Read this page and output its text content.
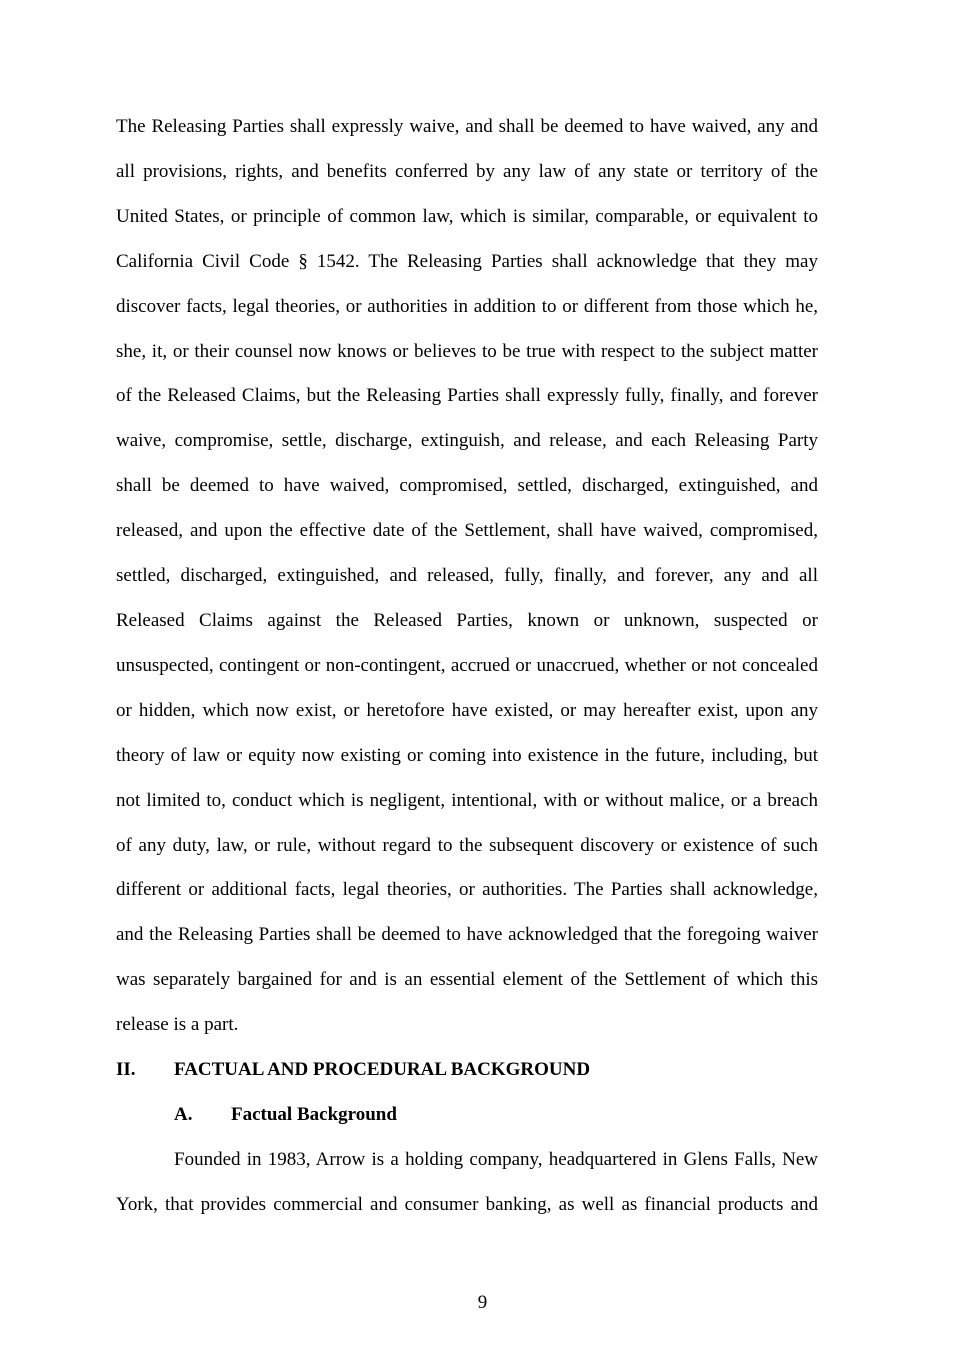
The Releasing Parties shall expressly waive, and shall be deemed to have waived, any and
all provisions, rights, and benefits conferred by any law of any state or territory of the
United States, or principle of common law, which is similar, comparable, or equivalent to
California Civil Code § 1542. The Releasing Parties shall acknowledge that they may
discover facts, legal theories, or authorities in addition to or different from those which he,
she, it, or their counsel now knows or believes to be true with respect to the subject matter
of the Released Claims, but the Releasing Parties shall expressly fully, finally, and forever
waive, compromise, settle, discharge, extinguish, and release, and each Releasing Party
shall be deemed to have waived, compromised, settled, discharged, extinguished, and
released, and upon the effective date of the Settlement, shall have waived, compromised,
settled, discharged, extinguished, and released, fully, finally, and forever, any and all
Released Claims against the Released Parties, known or unknown, suspected or
unsuspected, contingent or non-contingent, accrued or unaccrued, whether or not concealed
or hidden, which now exist, or heretofore have existed, or may hereafter exist, upon any
theory of law or equity now existing or coming into existence in the future, including, but
not limited to, conduct which is negligent, intentional, with or without malice, or a breach
of any duty, law, or rule, without regard to the subsequent discovery or existence of such
different or additional facts, legal theories, or authorities. The Parties shall acknowledge,
and the Releasing Parties shall be deemed to have acknowledged that the foregoing waiver
was separately bargained for and is an essential element of the Settlement of which this
release is a part.
II. FACTUAL AND PROCEDURAL BACKGROUND
A. Factual Background
Founded in 1983, Arrow is a holding company, headquartered in Glens Falls, New
York, that provides commercial and consumer banking, as well as financial products and
9
